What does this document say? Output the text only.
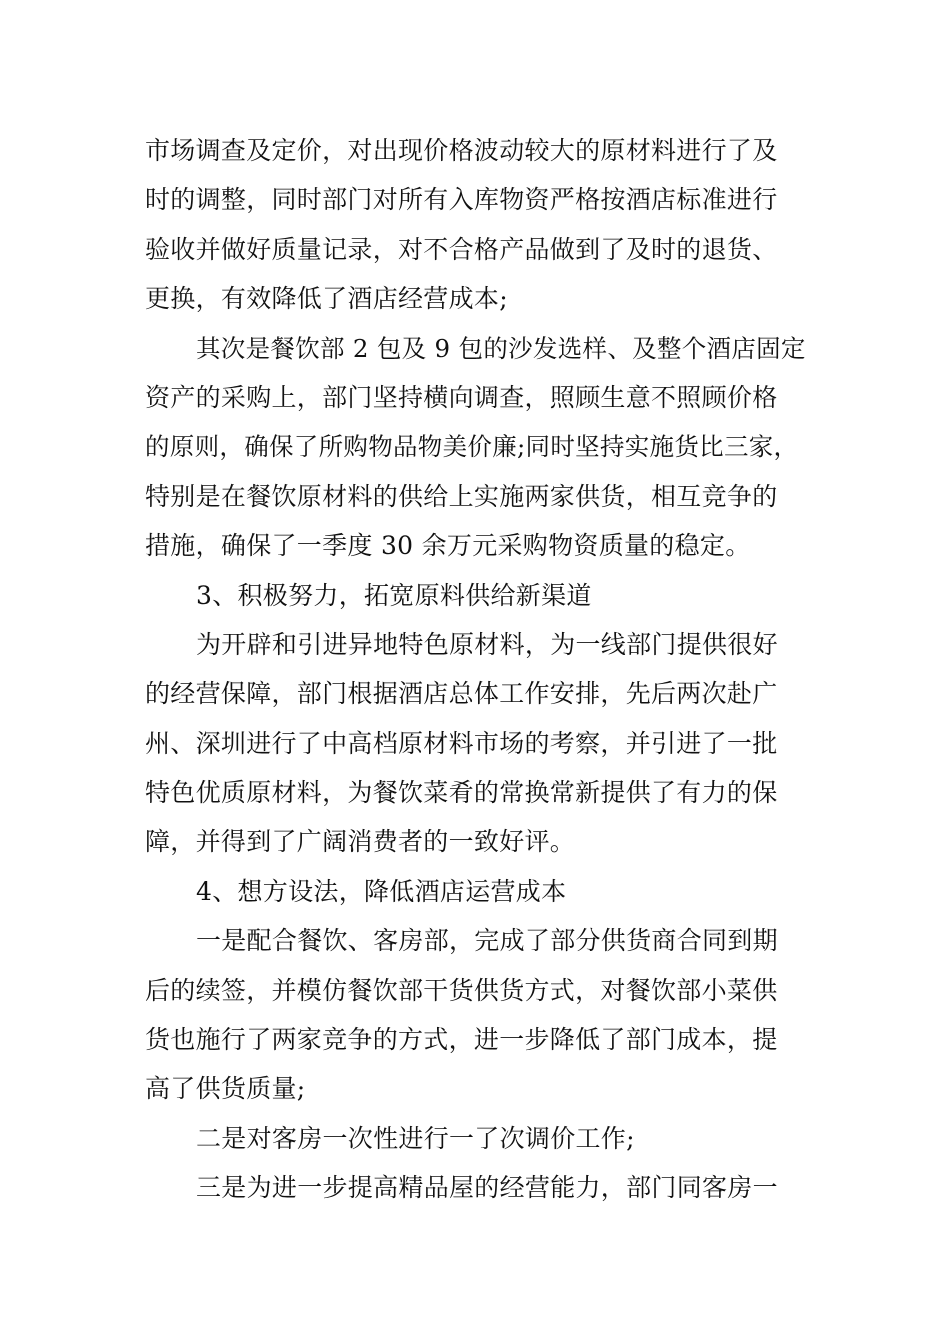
市场调查及定价，对出现价格波动较大的原材料进行了及
时的调整，同时部门对所有入库物资严格按酒店标准进行
验收并做好质量记录，对不合格产品做到了及时的退货、
更换，有效降低了酒店经营成本;
其次是餐饮部 2 包及 9 包的沙发选样、及整个酒店固定
资产的采购上，部门坚持横向调查，照顾生意不照顾价格
的原则，确保了所购物品物美价廉;同时坚持实施货比三家，
特别是在餐饮原材料的供给上实施两家供货，相互竞争的
措施，确保了一季度 30 余万元采购物资质量的稳定。
3、积极努力，拓宽原料供给新渠道
为开辟和引进异地特色原材料，为一线部门提供很好
的经营保障，部门根据酒店总体工作安排，先后两次赴广
州、深圳进行了中高档原材料市场的考察，并引进了一批
特色优质原材料，为餐饮菜肴的常换常新提供了有力的保
障，并得到了广阔消费者的一致好评。
4、想方设法，降低酒店运营成本
一是配合餐饮、客房部，完成了部分供货商合同到期
后的续签，并模仿餐饮部干货供货方式，对餐饮部小菜供
货也施行了两家竞争的方式，进一步降低了部门成本，提
高了供货质量;
二是对客房一次性进行一了次调价工作;
三是为进一步提高精品屋的经营能力，部门同客房一
